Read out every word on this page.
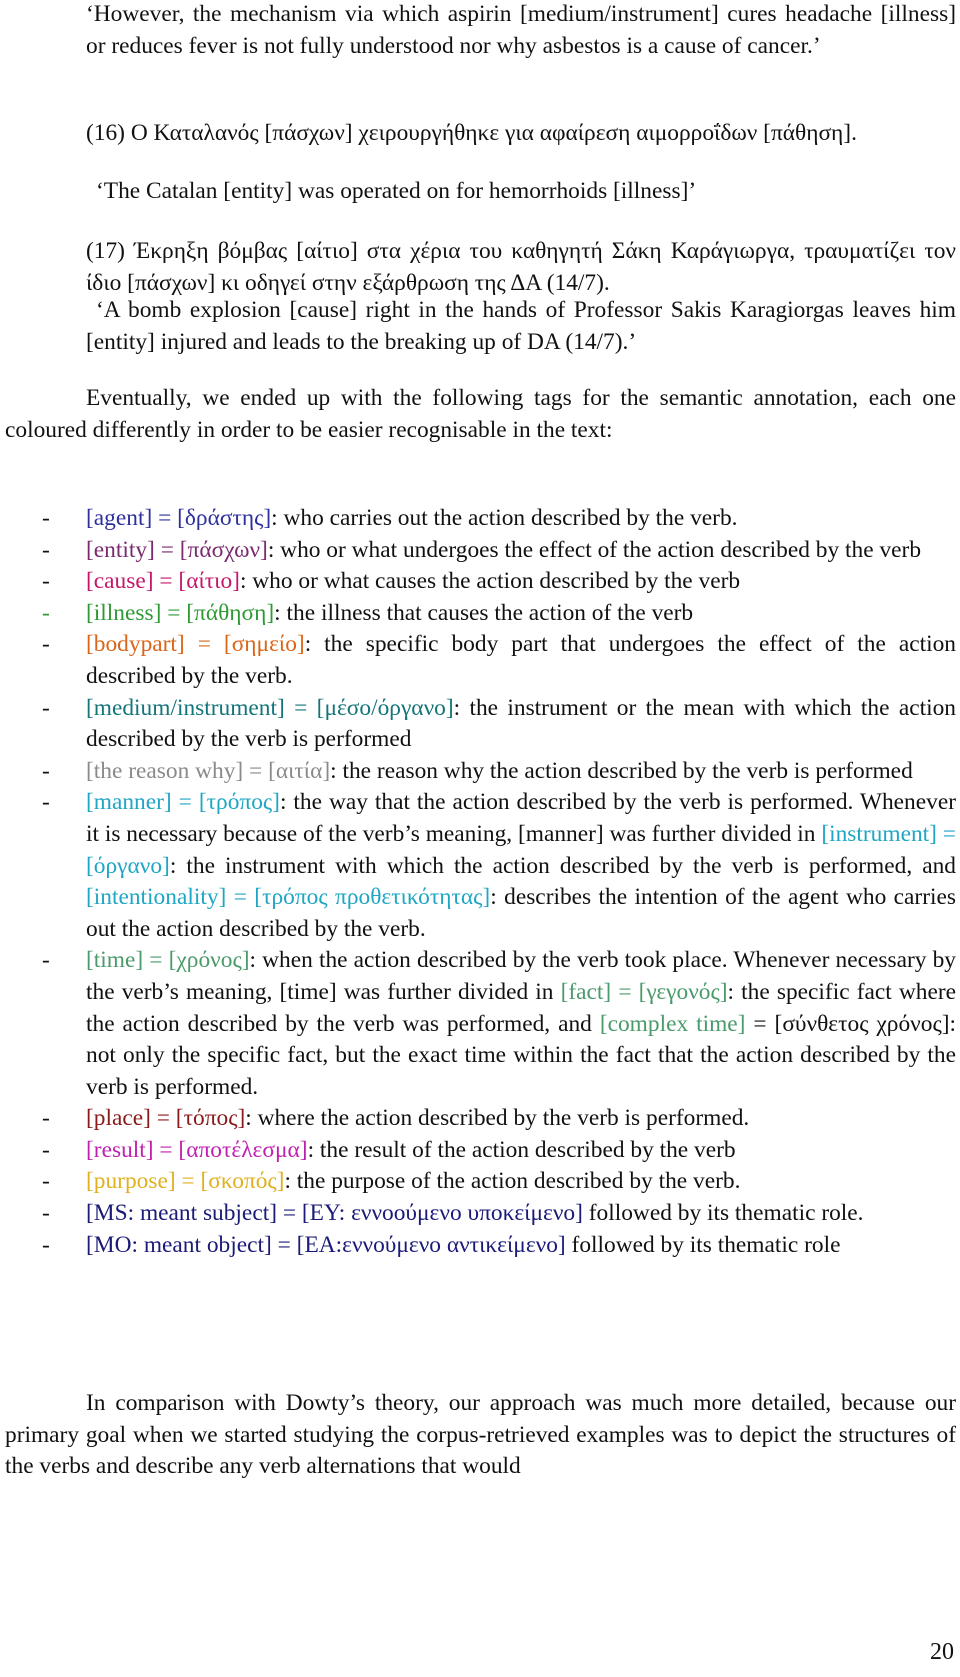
‘However, the mechanism via which aspirin [medium/instrument] cures headache [illness] or reduces fever is not fully understood nor why asbestos is a cause of cancer.’

(16) Ο Καταλανός [πάσχων] χειρουργήθηκε για αφαίρεση αιμορροΐδων [πάθηση].

‘The Catalan [entity] was operated on for hemorrhoids [illness]’

(17) Έκρηξη βόμβας [αίτιο] στα χέρια του καθηγητή Σάκη Καράγιωργα, τραυματίζει τον ίδιο [πάσχων] κι οδηγεί στην εξάρθρωση της ΔΑ (14/7).

‘A bomb explosion [cause] right in the hands of Professor Sakis Karagiorgas leaves him [entity] injured and leads to the breaking up of DA (14/7).’

Eventually, we ended up with the following tags for the semantic annotation, each one coloured differently in order to be easier recognisable in the text:

- [agent] = [δράστης]: who carries out the action described by the verb.
- [entity] = [πάσχων]: who or what undergoes the effect of the action described by the verb
- [cause] = [αίτιο]: who or what causes the action described by the verb
- [illness] = [πάθηση]: the illness that causes the action of the verb
- [bodypart] = [σημείο]: the specific body part that undergoes the effect of the action described by the verb.
- [medium/instrument] = [μέσο/όργανο]: the instrument or the mean with which the action described by the verb is performed
- [the reason why] = [αιτία]: the reason why the action described by the verb is performed
- [manner] = [τρόπος]: the way that the action described by the verb is performed. Whenever it is necessary because of the verb’s meaning, [manner] was further divided in [instrument] = [όργανο]: the instrument with which the action described by the verb is performed, and [intentionality] = [τρόπος προθετικότητας]: describes the intention of the agent who carries out the action described by the verb.
- [time] = [χρόνος]: when the action described by the verb took place. Whenever necessary by the verb’s meaning, [time] was further divided in [fact] = [γεγονός]: the specific fact where the action described by the verb was performed, and [complex time] = [σύνθετος χρόνος]: not only the specific fact, but the exact time within the fact that the action described by the verb is performed.
- [place] = [τόπος]: where the action described by the verb is performed.
- [result] = [αποτέλεσμα]: the result of the action described by the verb
- [purpose] = [σκοπός]: the purpose of the action described by the verb.
- [MS: meant subject] = [ΕΥ: εννοούμενο υποκείμενο] followed by its thematic role.
- [MO: meant object] = [ΕΑ:εννούμενο αντικείμενο] followed by its thematic role

In comparison with Dowty’s theory, our approach was much more detailed, because our primary goal when we started studying the corpus-retrieved examples was to depict the structures of the verbs and describe any verb alternations that would

20
